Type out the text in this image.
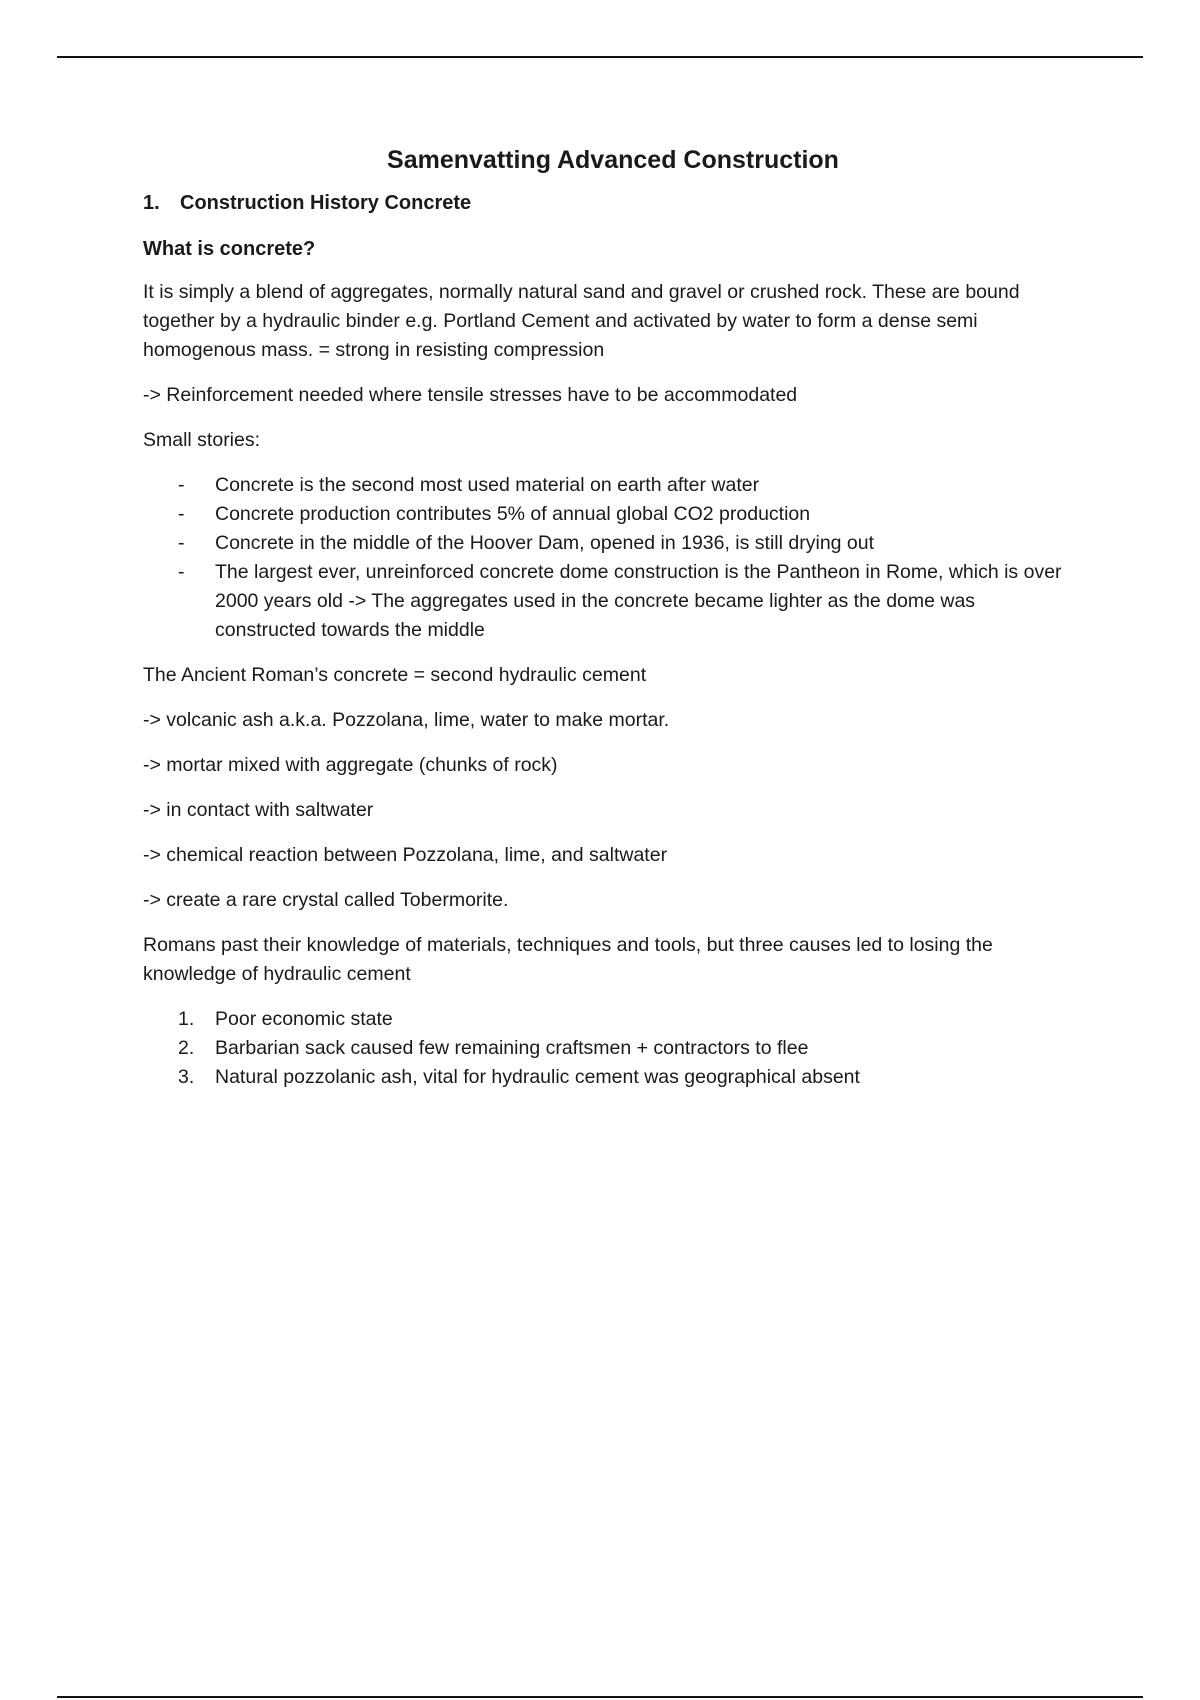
Samenvatting Advanced Construction
1.	Construction History Concrete
What is concrete?

It is simply a blend of aggregates, normally natural sand and gravel or crushed rock. These are bound together by a hydraulic binder e.g. Portland Cement and activated by water to form a dense semi homogenous mass. = strong in resisting compression

-> Reinforcement needed where tensile stresses have to be accommodated

Small stories:

-	Concrete is the second most used material on earth after water
-	Concrete production contributes 5% of annual global CO2 production
-	Concrete in the middle of the Hoover Dam, opened in 1936, is still drying out
-	The largest ever, unreinforced concrete dome construction is the Pantheon in Rome, which is over 2000 years old -> The aggregates used in the concrete became lighter as the dome was constructed towards the middle

The Ancient Roman’s concrete = second hydraulic cement

-> volcanic ash a.k.a. Pozzolana, lime, water to make mortar.

-> mortar mixed with aggregate (chunks of rock)

-> in contact with saltwater

-> chemical reaction between Pozzolana, lime, and saltwater

-> create a rare crystal called Tobermorite.

Romans past their knowledge of materials, techniques and tools, but three causes led to losing the knowledge of hydraulic cement

1.	Poor economic state
2.	Barbarian sack caused few remaining craftsmen + contractors to flee
3.	Natural pozzolanic ash, vital for hydraulic cement was geographical absent
